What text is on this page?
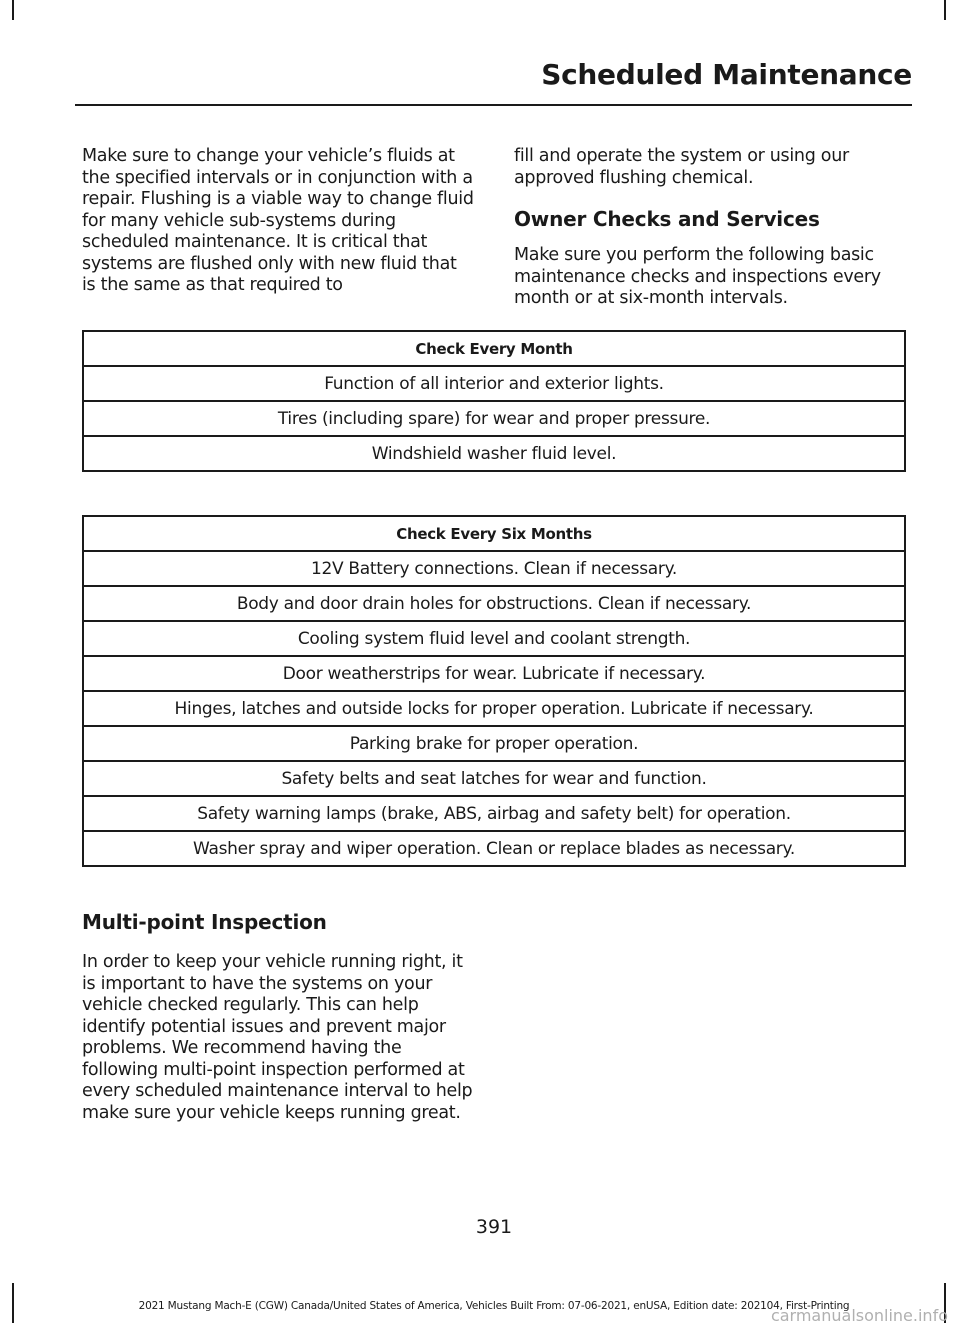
Scheduled Maintenance

Make sure to change your vehicle’s fluids at the specified intervals or in conjunction with a repair. Flushing is a viable way to change fluid for many vehicle sub-systems during scheduled maintenance. It is critical that systems are flushed only with new fluid that is the same as that required to

fill and operate the system or using our approved flushing chemical.

Owner Checks and Services

Make sure you perform the following basic maintenance checks and inspections every month or at six-month intervals.

Check Every Month
Function of all interior and exterior lights.
Tires (including spare) for wear and proper pressure.
Windshield washer fluid level.
Check Every Six Months
12V Battery connections. Clean if necessary.
Body and door drain holes for obstructions. Clean if necessary.
Cooling system fluid level and coolant strength.
Door weatherstrips for wear. Lubricate if necessary.
Hinges, latches and outside locks for proper operation. Lubricate if necessary.
Parking brake for proper operation.
Safety belts and seat latches for wear and function.
Safety warning lamps (brake, ABS, airbag and safety belt) for operation.
Washer spray and wiper operation. Clean or replace blades as necessary.
Multi-point Inspection

In order to keep your vehicle running right, it is important to have the systems on your vehicle checked regularly. This can help identify potential issues and prevent major problems. We recommend having the following multi-point inspection performed at every scheduled maintenance interval to help make sure your vehicle keeps running great.

391
2021 Mustang Mach-E (CGW) Canada/United States of America, Vehicles Built From: 07-06-2021, enUSA, Edition date: 202104, First-Printing
carmanualsonline.info
